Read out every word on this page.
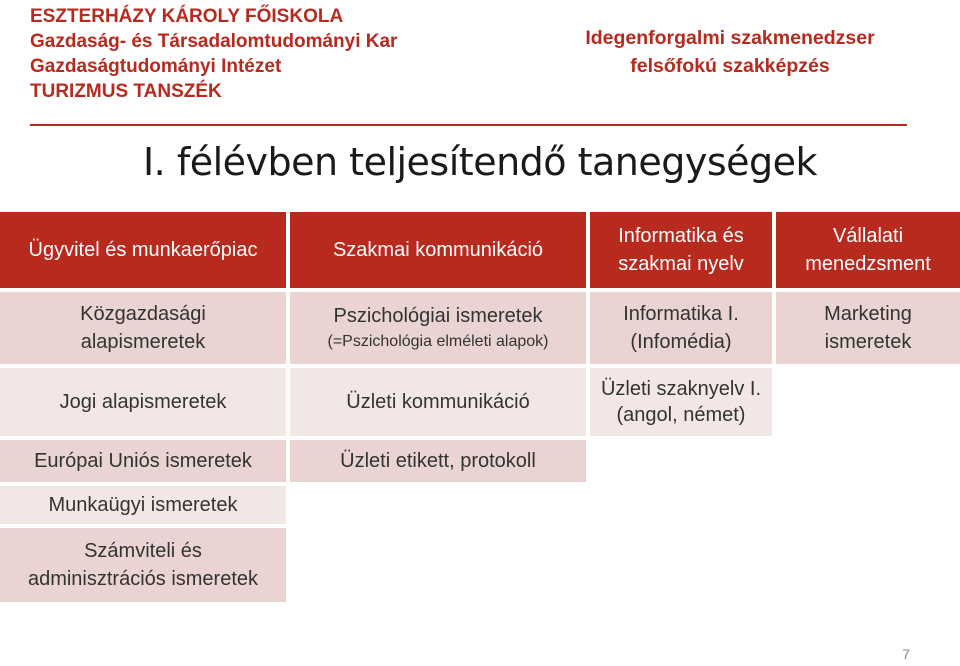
ESZTERHÁZY KÁROLY FŐISKOLA
Gazdaság- és Társadalomtudományi Kar
Gazdaságtudományi Intézet
TURIZMUS TANSZÉK
Idegenforgalmi szakmenedzser
felsőfokú szakképzés
I. félévben teljesítendő tanegységek
Ügyvitel és munkaerőpiac
Közgazdasági
alapismeretek
Jogi alapismeretek
Európai Uniós ismeretek
Munkaügyi ismeretek
Számviteli és
adminisztrációs ismeretek
Szakmai kommunikáció
Pszichológiai ismeretek
(=Pszichológia elméleti alapok)
Üzleti kommunikáció
Üzleti etikett, protokoll
Informatika és
szakmai nyelv
Informatika I.
(Infomédia)
Üzleti szaknyelv I.
(angol, német)
Vállalati
menedzsment
Marketing
ismeretek
7
